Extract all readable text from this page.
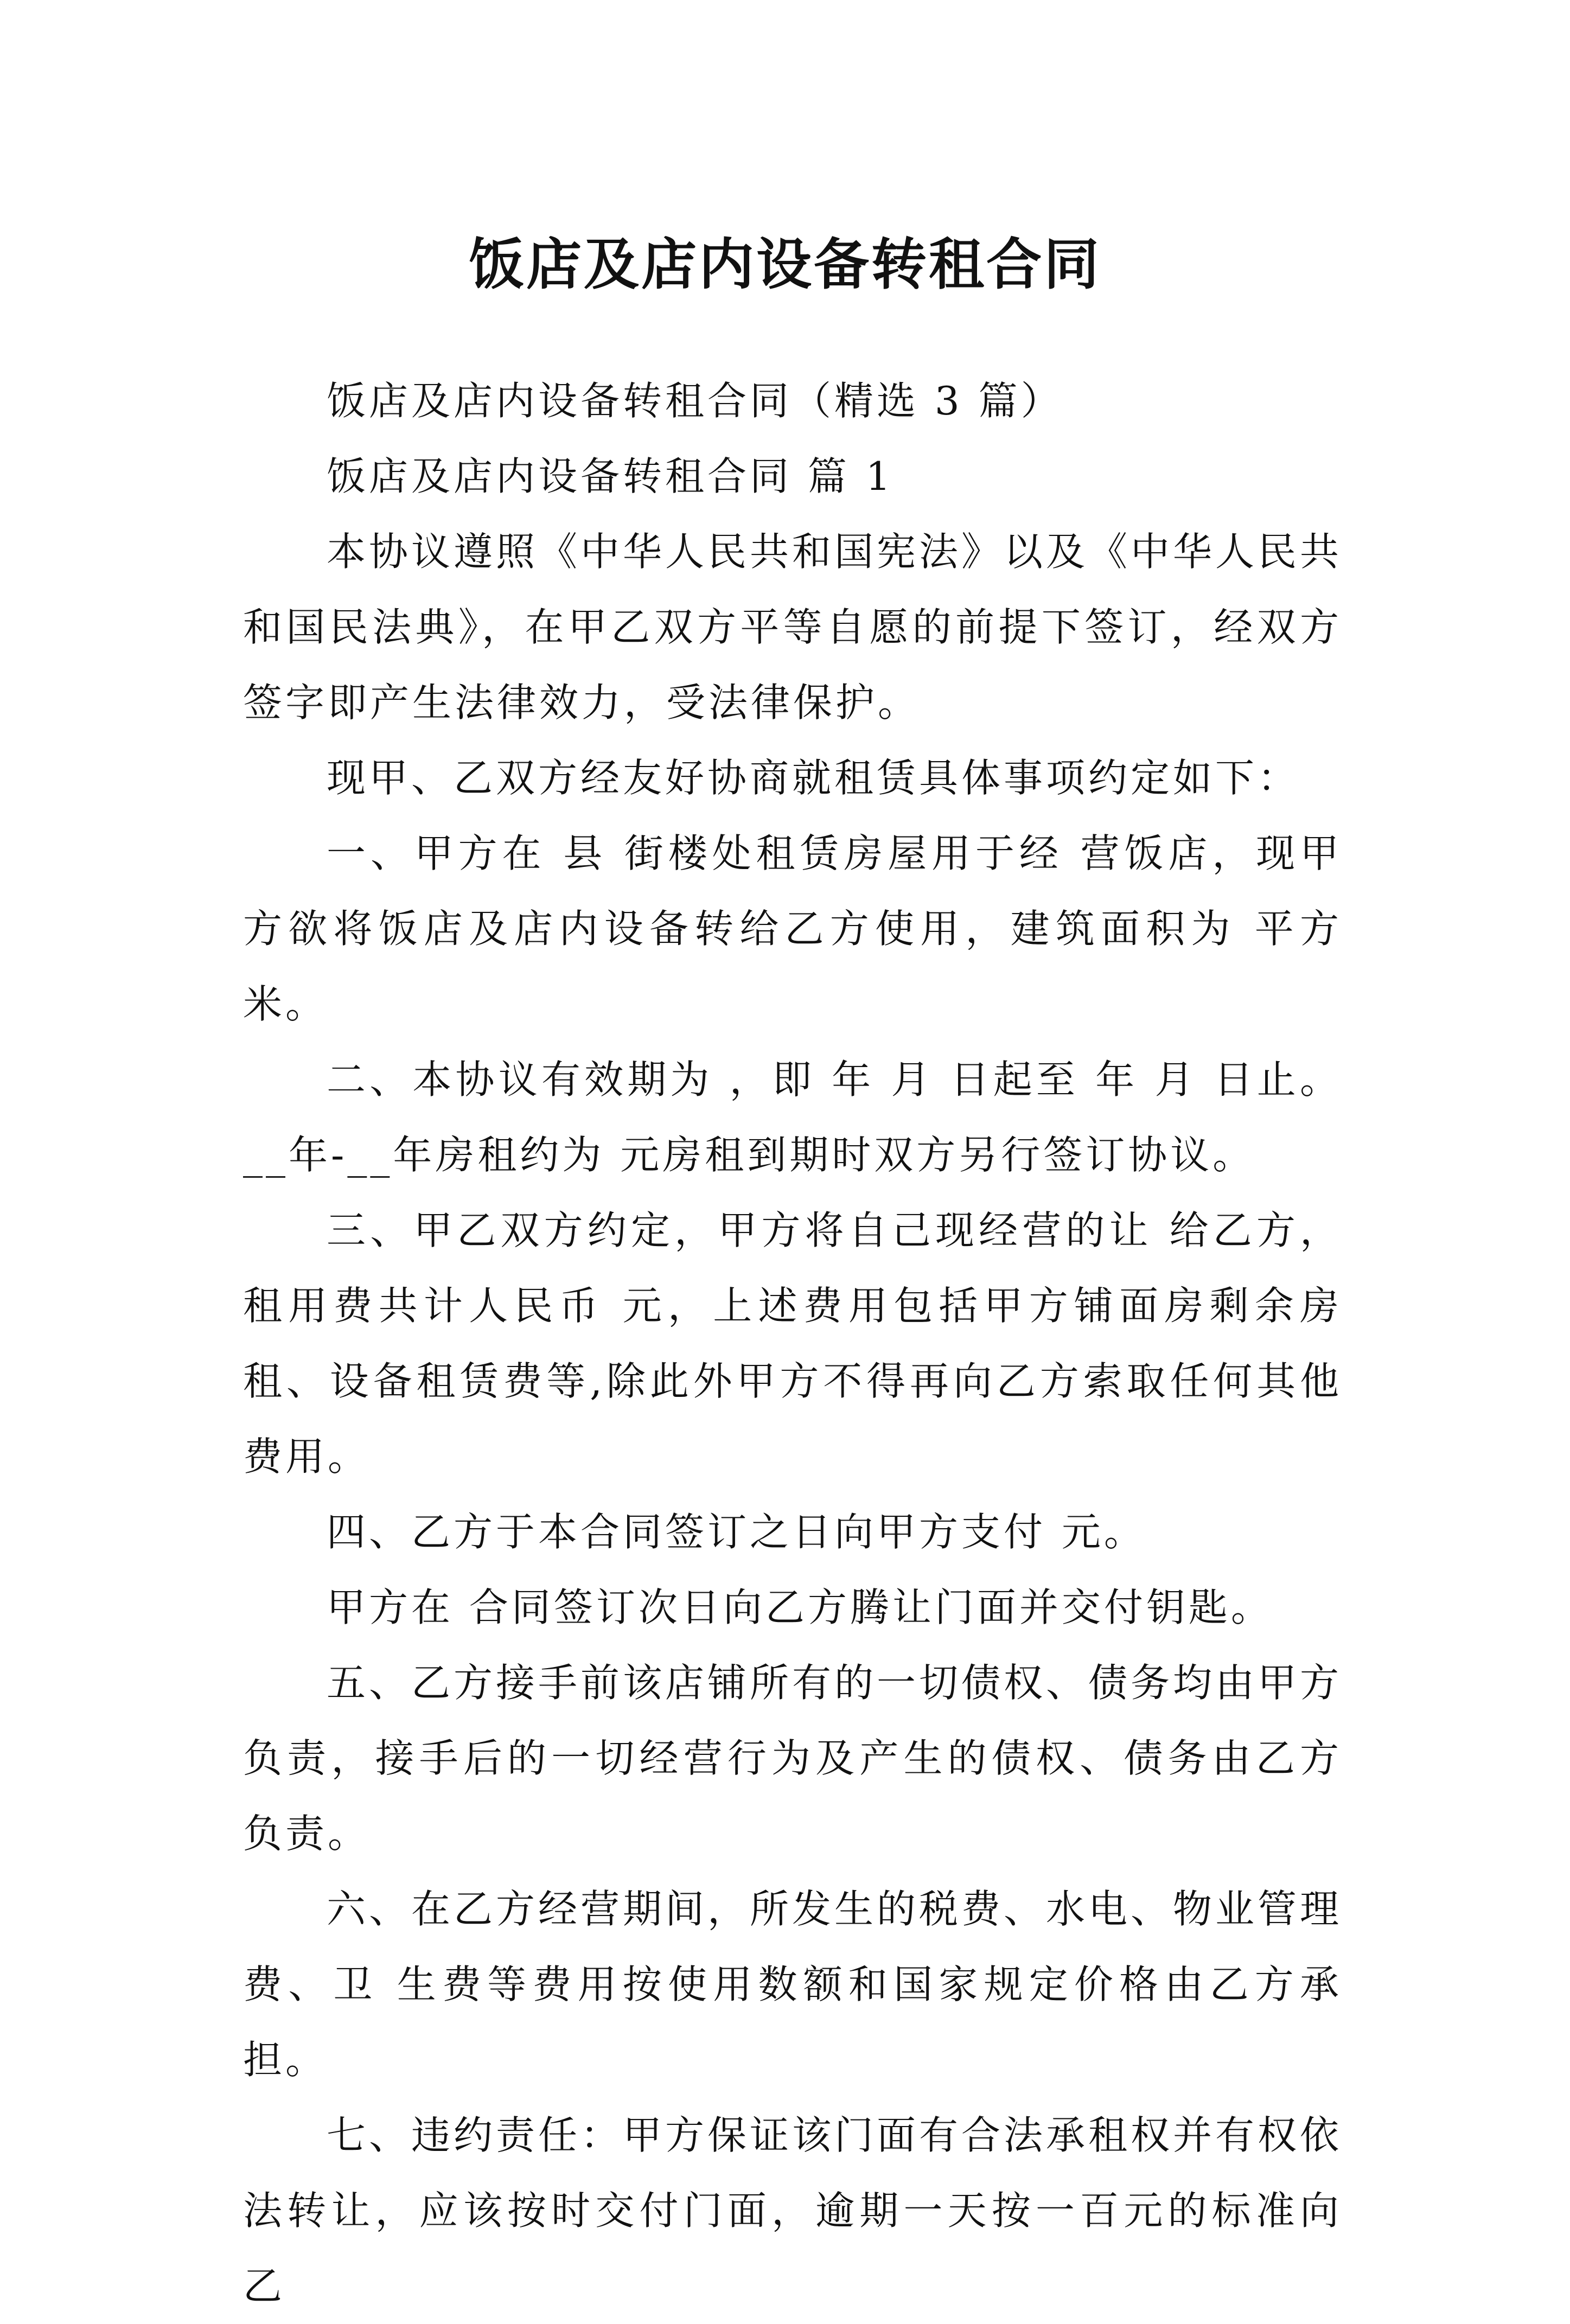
饭店及店内设备转租合同

饭店及店内设备转租合同（精选 3 篇）

饭店及店内设备转租合同 篇 1

本协议遵照《中华人民共和国宪法》以及《中华人民共和国民法典》，在甲乙双方平等自愿的前提下签订，经双方签字即产生法律效力，受法律保护。

现甲、乙双方经友好协商就租赁具体事项约定如下：

一、甲方在 县 街楼处租赁房屋用于经 营饭店，现甲方欲将饭店及店内设备转给乙方使用，建筑面积为 平方米。

二、本协议有效期为 ，即 年 月 日起至 年 月 日止。__年-__年房租约为 元房租到期时双方另行签订协议。

三、甲乙双方约定，甲方将自己现经营的让 给乙方，租用费共计人民币 元，上述费用包括甲方铺面房剩余房租、设备租赁费等,除此外甲方不得再向乙方索取任何其他费用。

四、乙方于本合同签订之日向甲方支付 元。

甲方在 合同签订次日向乙方腾让门面并交付钥匙。

五、乙方接手前该店铺所有的一切债权、债务均由甲方负责，接手后的一切经营行为及产生的债权、债务由乙方负责。

六、在乙方经营期间，所发生的税费、水电、物业管理费、卫 生费等费用按使用数额和国家规定价格由乙方承担。

七、违约责任：甲方保证该门面有合法承租权并有权依法转让，应该按时交付门面，逾期一天按一百元的标准向乙
